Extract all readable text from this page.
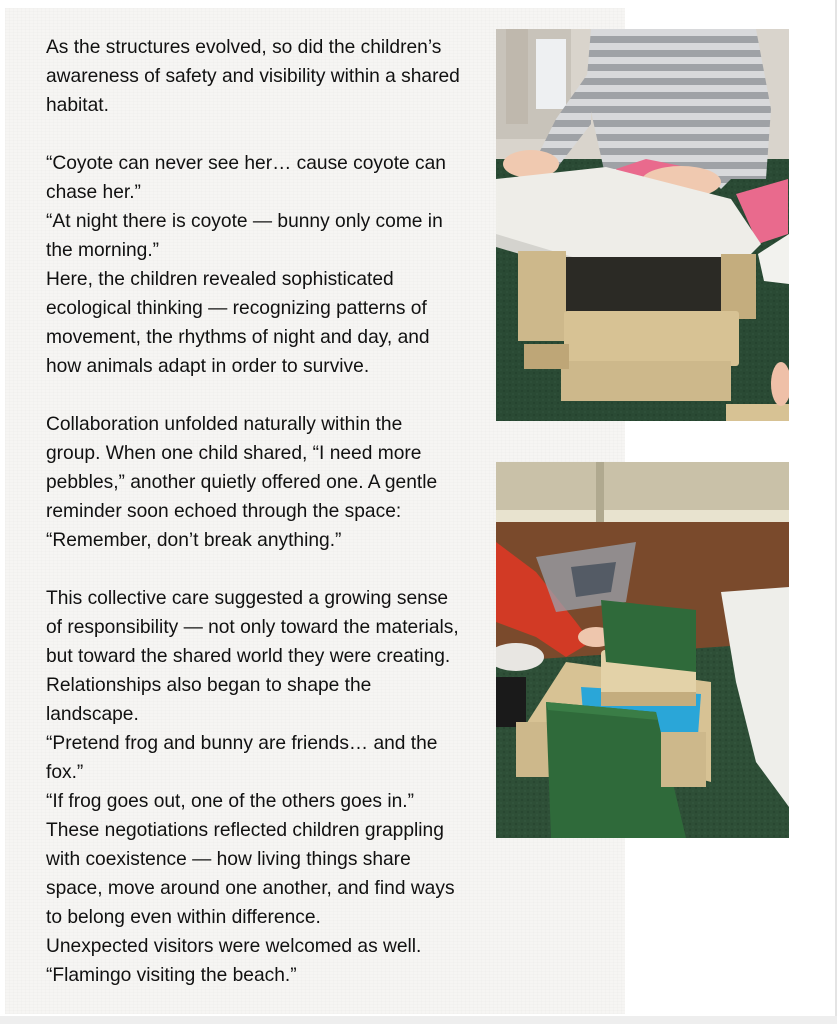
As the structures evolved, so did the children’s

awareness of safety and visibility within a shared

habitat.

“Coyote can never see her… cause coyote can

chase her.”

“At night there is coyote — bunny only come in

the morning.”

Here, the children revealed sophisticated

ecological thinking — recognizing patterns of

movement, the rhythms of night and day, and

how animals adapt in order to survive.

Collaboration unfolded naturally within the

group. When one child shared, “I need more

pebbles,” another quietly offered one. A gentle

reminder soon echoed through the space:

“Remember, don’t break anything.”

This collective care suggested a growing sense

of responsibility — not only toward the materials,

but toward the shared world they were creating.

Relationships also began to shape the

landscape.

“Pretend frog and bunny are friends… and the

fox.”

“If frog goes out, one of the others goes in.”

These negotiations reflected children grappling

with coexistence — how living things share

space, move around one another, and find ways

to belong even within difference.

Unexpected visitors were welcomed as well.

“Flamingo visiting the beach.”
